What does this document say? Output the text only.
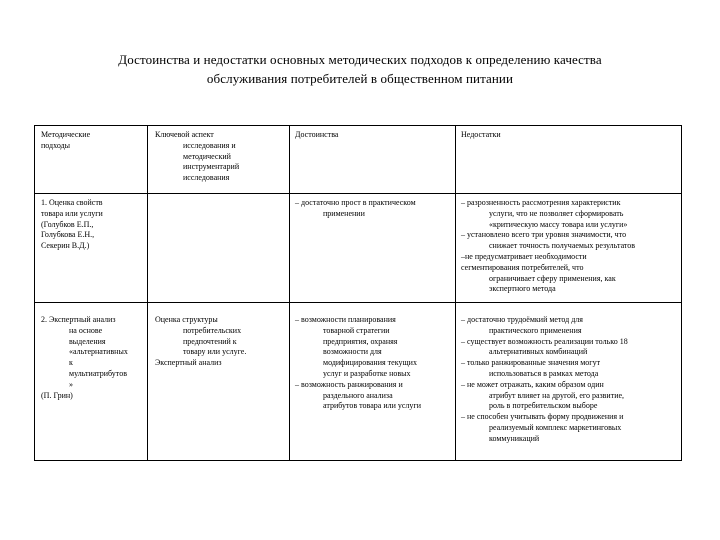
Достоинства и недостатки основных методических подходов к определению качества
обслуживания потребителей в общественном питании
Методические
подходы
Ключевой аспект
исследования и
методический
инструментарий
исследования
Достоинства	Недостатки
1. Оценка свойств
товара или услуги
(Голубков Е.П.,
Голубкова Е.Н.,
Секерин В.Д.)
– достаточно прост в практическом
применении
– разрозненность рассмотрения характеристик
услуги, что не позволяет сформировать
«критическую массу товара или услуги»
– установлено всего три уровня значимости, что
снижает точность получаемых результатов
–не предусматривает необходимости
сегментирования потребителей, что
ограничивает сферу применения, как
экспертного метода
2. Экспертный анализ
на основе
выделения
«альтернативных
к
мультиатрибутов
»
(П. Грин)
Оценка структуры
потребительских
предпочтений к
товару или услуге.
Экспертный анализ
– возможности планирования
товарной стратегии
предприятия, охраняя
возможности для
модифицирования текущих
услуг и разработке новых
– возможность ранжирования и
раздельного анализа
атрибутов товара или услуги
– достаточно трудоёмкий метод для
практического применения
– существует возможность реализации только 18
альтернативных комбинаций
– только ранжированные значения могут
использоваться в рамках метода
– не может отражать, каким образом один
атрибут влияет на другой, его развитие,
роль в потребительском выборе
– не способен учитывать форму продвижения и
реализуемый комплекс маркетинговых
коммуникаций
